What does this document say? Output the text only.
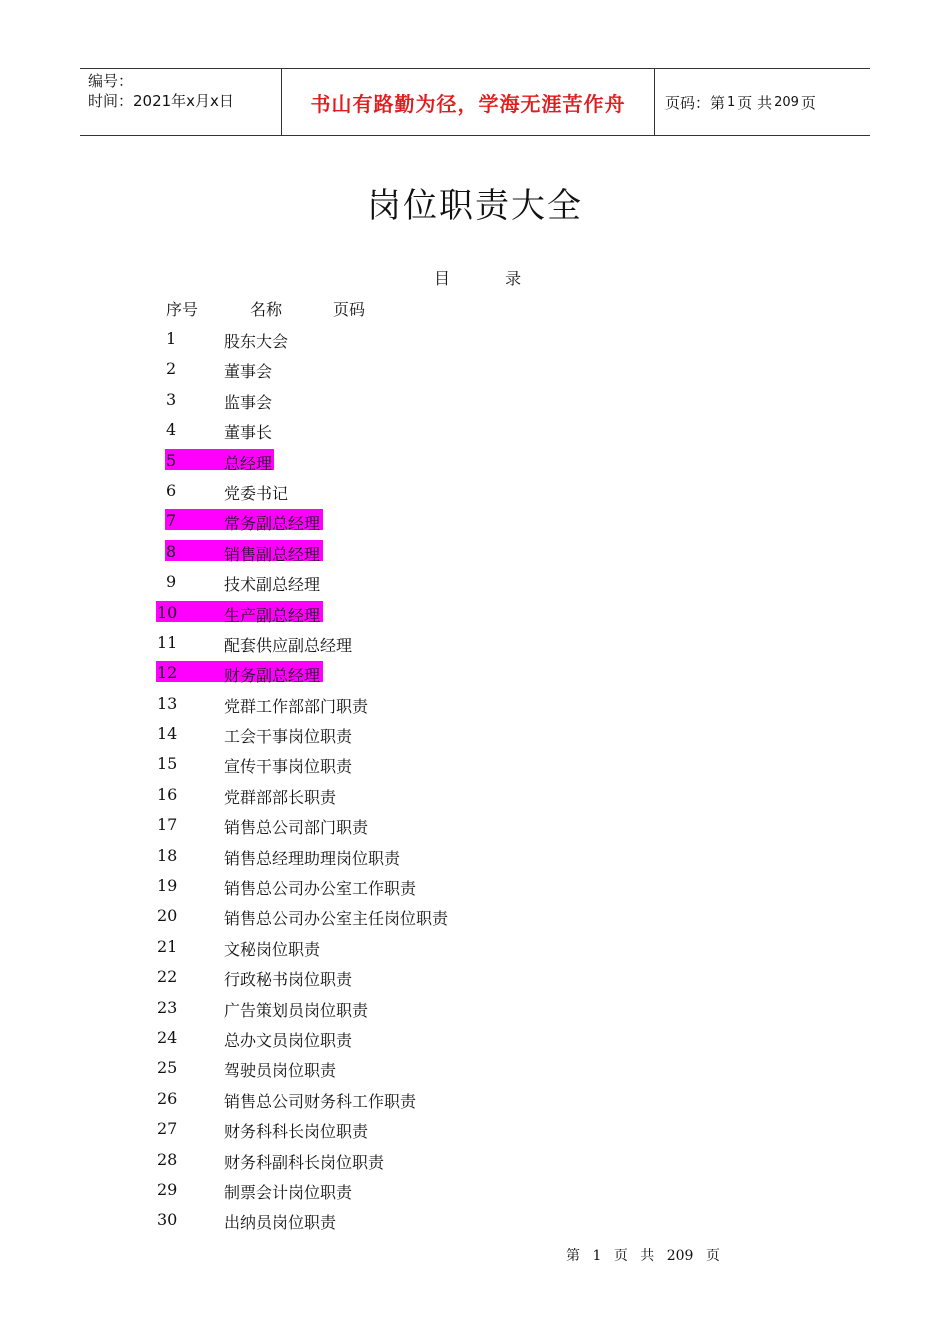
编号：
时间：2021年x月x日	书山有路勤为径，学海无涯苦作舟	页码：第 1 页 共 209 页
岗位职责大全
目	录
序号	名称	页码
1	股东大会
2	董事会
3	监事会
4	董事长
5	总经理
6	党委书记
7	常务副总经理
8	销售副总经理
9	技术副总经理
10	生产副总经理
11	配套供应副总经理
12	财务副总经理
13	党群工作部部门职责
14	工会干事岗位职责
15	宣传干事岗位职责
16	党群部部长职责
17	销售总公司部门职责
18	销售总经理助理岗位职责
19	销售总公司办公室工作职责
20	销售总公司办公室主任岗位职责
21	文秘岗位职责
22	行政秘书岗位职责
23	广告策划员岗位职责
24	总办文员岗位职责
25	驾驶员岗位职责
26	销售总公司财务科工作职责
27	财务科科长岗位职责
28	财务科副科长岗位职责
29	制票会计岗位职责
30	出纳员岗位职责
第 1 页 共 209 页
